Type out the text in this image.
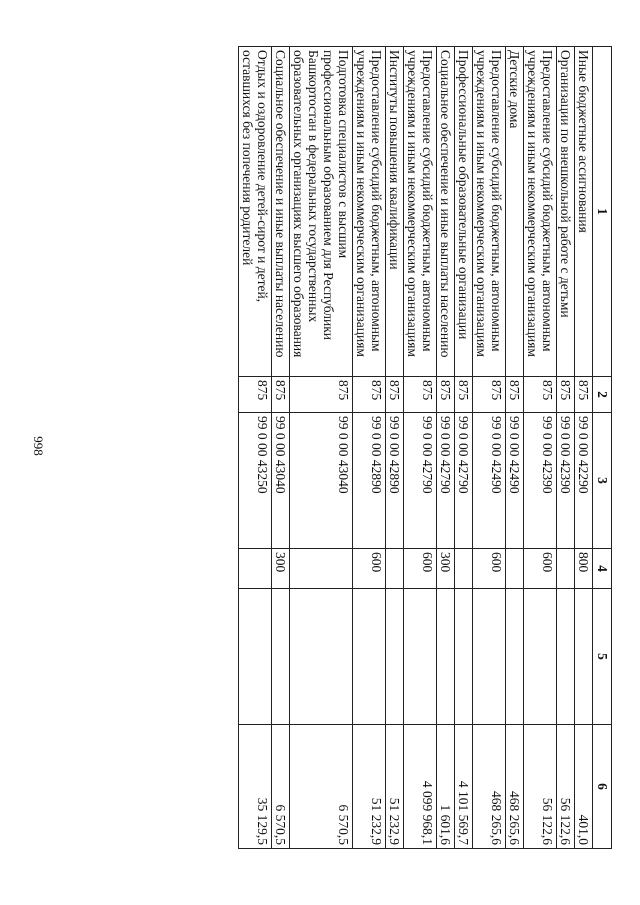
998
1	2	3	4	5	6
Иные бюджетные ассигнования	875	99 0 00 42290	800		401,0
Организации по внешкольной работе с детьми	875	99 0 00 42390			56 122,6
Предоставление субсидий бюджетным, автономным учреждениям и иным некоммерческим организациям	875	99 0 00 42390	600		56 122,6
Детские дома	875	99 0 00 42490			468 265,6
Предоставление субсидий бюджетным, автономным учреждениям и иным некоммерческим организациям	875	99 0 00 42490	600		468 265,6
Профессиональные образовательные организации	875	99 0 00 42790			4 101 569,7
Социальное обеспечение и иные выплаты населению	875	99 0 00 42790	300		1 601,6
Предоставление субсидий бюджетным, автономным учреждениям и иным некоммерческим организациям	875	99 0 00 42790	600		4 099 968,1
Институты повышения квалификации	875	99 0 00 42890			51 232,9
Предоставление субсидий бюджетным, автономным учреждениям и иным некоммерческим организациям	875	99 0 00 42890	600		51 232,9
Подготовка специалистов с высшим профессиональным образованием для Республики Башкортостан в федеральных государственных образовательных организациях высшего образования	875	99 0 00 43040			6 570,5
Социальное обеспечение и иные выплаты населению	875	99 0 00 43040	300		6 570,5
Отдых и оздоровление детей-сирот и детей, оставшихся без попечения родителей	875	99 0 00 43250			35 129,5
